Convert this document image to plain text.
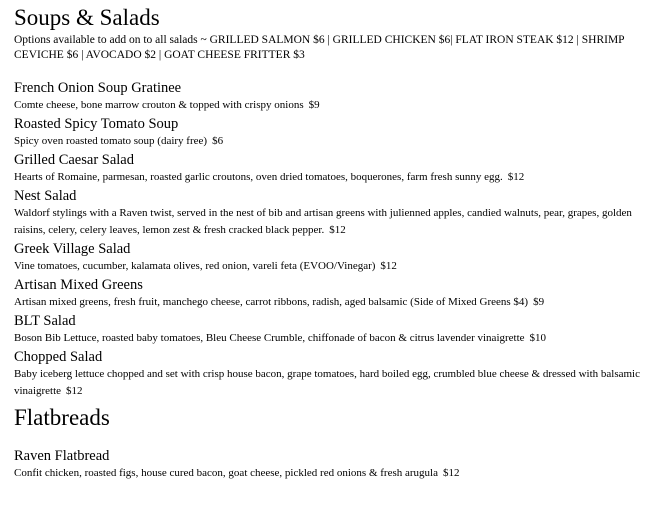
Soups & Salads

Options available to add on to all salads ~ GRILLED SALMON $6 | GRILLED CHICKEN $6| FLAT IRON STEAK $12 | SHRIMP CEVICHE $6 | AVOCADO $2 | GOAT CHEESE FRITTER $3

French Onion Soup Gratinee

Comte cheese, bone marrow crouton & topped with crispy onions $9

Roasted Spicy Tomato Soup

Spicy oven roasted tomato soup (dairy free) $6

Grilled Caesar Salad

Hearts of Romaine, parmesan, roasted garlic croutons, oven dried tomatoes, boquerones, farm fresh sunny egg. $12

Nest Salad

Waldorf stylings with a Raven twist, served in the nest of bib and artisan greens with julienned apples, candied walnuts, pear, grapes, golden raisins, celery, celery leaves, lemon zest & fresh cracked black pepper. $12

Greek Village Salad

Vine tomatoes, cucumber, kalamata olives, red onion, vareli feta (EVOO/Vinegar) $12

Artisan Mixed Greens

Artisan mixed greens, fresh fruit, manchego cheese, carrot ribbons, radish, aged balsamic (Side of Mixed Greens $4) $9

BLT Salad

Boson Bib Lettuce, roasted baby tomatoes, Bleu Cheese Crumble, chiffonade of bacon & citrus lavender vinaigrette $10

Chopped Salad

Baby iceberg lettuce chopped and set with crisp house bacon, grape tomatoes, hard boiled egg, crumbled blue cheese & dressed with balsamic vinaigrette $12

Flatbreads

Raven Flatbread

Confit chicken, roasted figs, house cured bacon, goat cheese, pickled red onions & fresh arugula $12
